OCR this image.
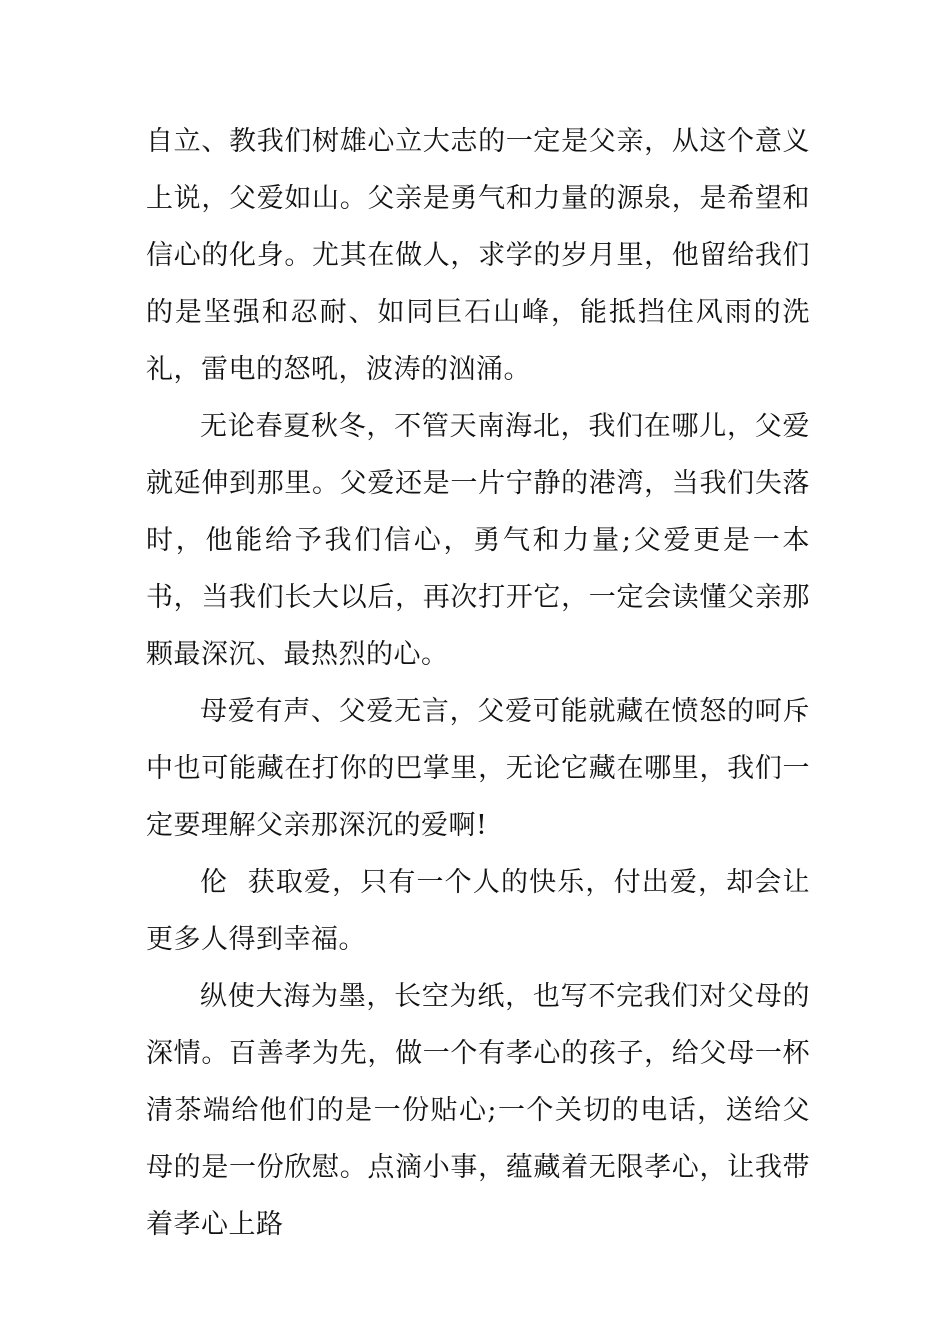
自立、教我们树雄心立大志的一定是父亲，从这个意义上说，父爱如山。父亲是勇气和力量的源泉，是希望和信心的化身。尤其在做人，求学的岁月里，他留给我们的是坚强和忍耐、如同巨石山峰，能抵挡住风雨的洗礼，雷电的怒吼，波涛的汹涌。

无论春夏秋冬，不管天南海北，我们在哪儿，父爱就延伸到那里。父爱还是一片宁静的港湾，当我们失落时，他能给予我们信心，勇气和力量;父爱更是一本书，当我们长大以后，再次打开它，一定会读懂父亲那颗最深沉、最热烈的心。

母爱有声、父爱无言，父爱可能就藏在愤怒的呵斥中也可能藏在打你的巴掌里，无论它藏在哪里，我们一定要理解父亲那深沉的爱啊!

伦  获取爱，只有一个人的快乐，付出爱，却会让更多人得到幸福。

纵使大海为墨，长空为纸，也写不完我们对父母的深情。百善孝为先，做一个有孝心的孩子，给父母一杯清茶端给他们的是一份贴心;一个关切的电话，送给父母的是一份欣慰。点滴小事，蕴藏着无限孝心，让我带着孝心上路
